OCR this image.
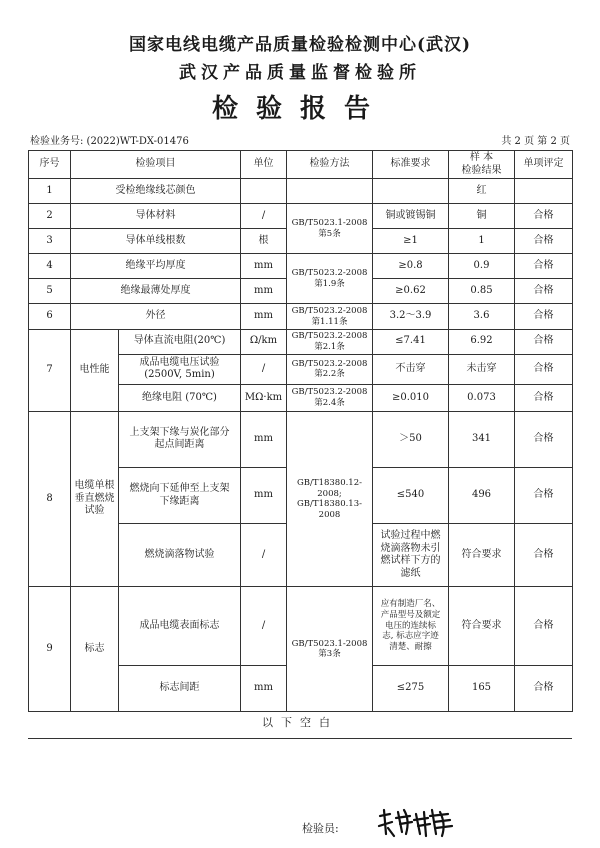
国家电线电缆产品质量检验检测中心(武汉)
武汉产品质量监督检验所
检验报告
检验业务号: (2022)WT-DX-01476	共 2 页 第 2 页
序号	检验项目		单位	检验方法	标准要求	样 本
检验结果	单项评定
1	受检绝缘线芯颜色					红	
2	导体材料		/	GB/T5023.1-2008
第5条	铜或镀锡铜	铜	合格
3	导体单线根数		根		≥1	1	合格
4	绝缘平均厚度		mm	GB/T5023.2-2008
第1.9条	≥0.8	0.9	合格
5	绝缘最薄处厚度		mm		≥0.62	0.85	合格
6	外径		mm	GB/T5023.2-2008
第1.11条	3.2～3.9	3.6	合格
7	电性能	导体直流电阻(20℃)	Ω/km	GB/T5023.2-2008
第2.1条	≤7.41	6.92	合格
		成品电缆电压试验
(2500V, 5min)	/	GB/T5023.2-2008
第2.2条	不击穿	未击穿	合格
		绝缘电阻 (70℃)	MΩ·km	GB/T5023.2-2008
第2.4条	≥0.010	0.073	合格
8	电缆单根
垂直燃烧
试验	上支架下缘与炭化部分
起点间距离	mm	GB/T18380.12-
2008;
GB/T18380.13-2008	＞50	341	合格
		燃烧向下延伸至上支架
下缘距离	mm		≤540	496	合格
		燃烧滴落物试验	/		试验过程中燃
烧滴落物未引
燃试样下方的
滤纸	符合要求	合格
9	标志	成品电缆表面标志	/	GB/T5023.1-2008
第3条	应有制造厂名、
产品型号及额定
电压的连续标
志, 标志应字迹
清楚、耐擦	符合要求	合格
		标志间距	mm		≤275	165	合格
以下空白
检验员:
